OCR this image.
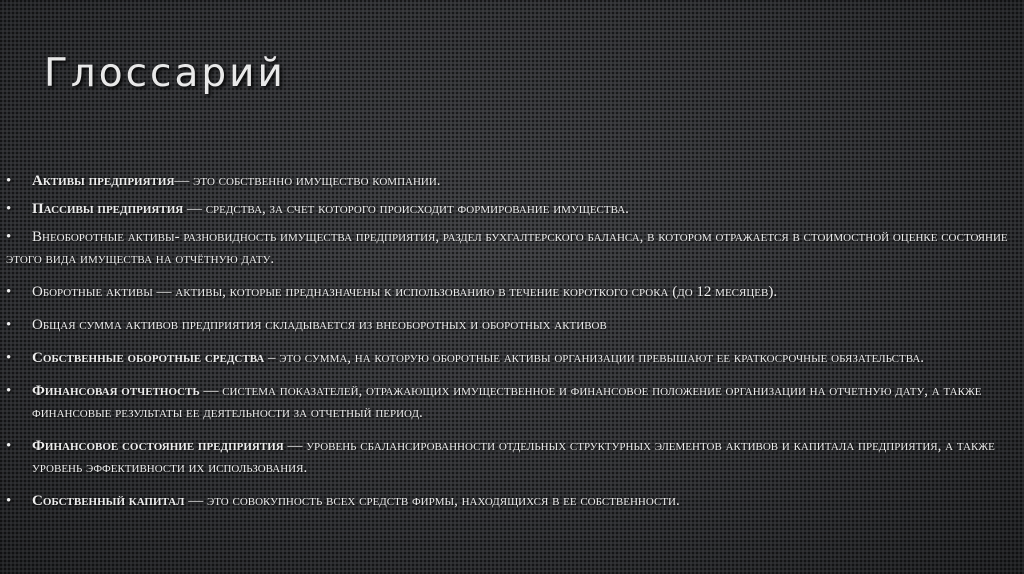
Глоссарий
• Активы предприятия— это собственно имущество компании.
• Пассивы предприятия — средства, за счет которого происходит формирование имущества.
• Внеоборотные активы- разновидность имущества предприятия, раздел бухгалтерского баланса, в котором отражается в стоимостной оценке состояние этого вида имущества на отчётную дату.
• Оборотные активы — активы, которые предназначены к использованию в течение короткого срока (до 12 месяцев).
• Общая сумма активов предприятия складывается из внеоборотных и оборотных активов
• Собственные оборотные средства – это сумма, на которую оборотные активы организации превышают ее краткосрочные обязательства.
• Финансовая отчетность — система показателей, отражающих имущественное и финансовое положение организации на отчетную дату, а также финансовые результаты ее деятельности за отчетный период.
• Финансовое состояние предприятия — уровень сбалансированности отдельных структурных элементов активов и капитала предприятия, а также уровень эффективности их использования.
• Собственный капитал — это совокупность всех средств фирмы, находящихся в ее собственности.
